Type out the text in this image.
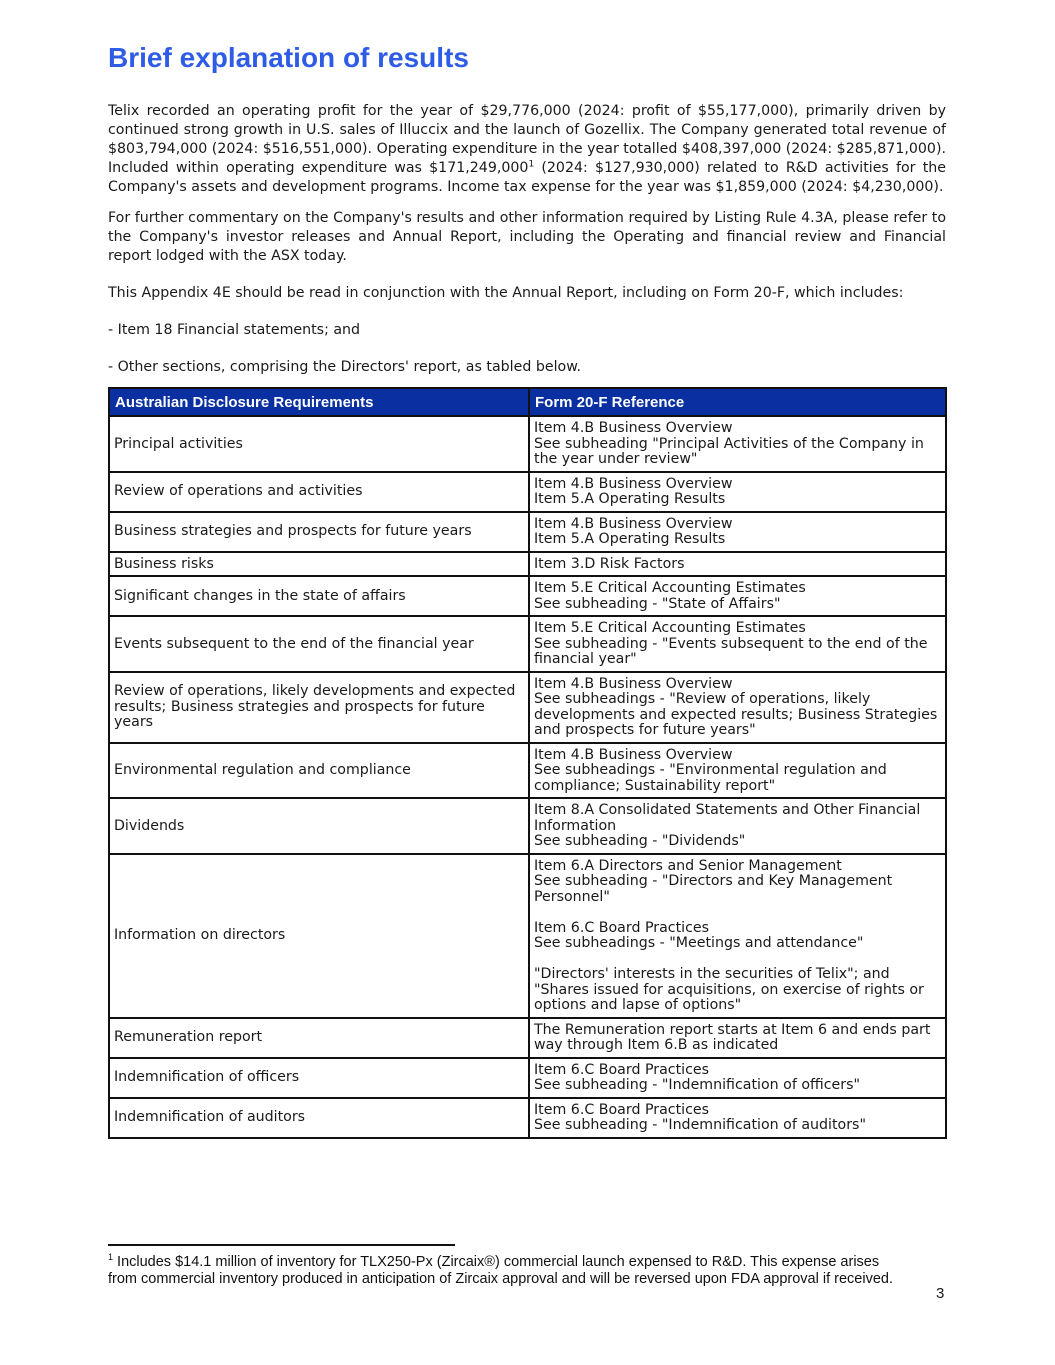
Brief explanation of results

Telix recorded an operating profit for the year of $29,776,000 (2024: profit of $55,177,000), primarily driven by continued strong growth in U.S. sales of Illuccix and the launch of Gozellix. The Company generated total revenue of $803,794,000 (2024: $516,551,000). Operating expenditure in the year totalled $408,397,000 (2024: $285,871,000). Included within operating expenditure was $171,249,000$^1$ (2024: $127,930,000) related to R&D activities for the Company's assets and development programs. Income tax expense for the year was $1,859,000 (2024: $4,230,000).

For further commentary on the Company's results and other information required by Listing Rule 4.3A, please refer to the Company's investor releases and Annual Report, including the Operating and financial review and Financial report lodged with the ASX today.

This Appendix 4E should be read in conjunction with the Annual Report, including on Form 20-F, which includes:

- Item 18 Financial statements; and

- Other sections, comprising the Directors' report, as tabled below.

Australian Disclosure Requirements	Form 20-F Reference
Principal activities	Item 4.B Business Overview
See subheading "Principal Activities of the Company in the year under review"
Review of operations and activities	Item 4.B Business Overview
Item 5.A Operating Results
Business strategies and prospects for future years	Item 4.B Business Overview
Item 5.A Operating Results
Business risks	Item 3.D Risk Factors
Significant changes in the state of affairs	Item 5.E Critical Accounting Estimates
See subheading - "State of Affairs"
Events subsequent to the end of the financial year	Item 5.E Critical Accounting Estimates
See subheading - "Events subsequent to the end of the financial year"
Review of operations, likely developments and expected results; Business strategies and prospects for future years	Item 4.B Business Overview
See subheadings - "Review of operations, likely developments and expected results; Business Strategies and prospects for future years"
Environmental regulation and compliance	Item 4.B Business Overview
See subheadings - "Environmental regulation and compliance; Sustainability report"
Dividends	Item 8.A Consolidated Statements and Other Financial Information
See subheading - "Dividends"
Information on directors	Item 6.A Directors and Senior Management
See subheading - "Directors and Key Management Personnel"

Item 6.C Board Practices
See subheadings - "Meetings and attendance"

"Directors' interests in the securities of Telix"; and "Shares issued for acquisitions, on exercise of rights or options and lapse of options"
Remuneration report	The Remuneration report starts at Item 6 and ends part way through Item 6.B as indicated
Indemnification of officers	Item 6.C Board Practices
See subheading - "Indemnification of officers"
Indemnification of auditors	Item 6.C Board Practices
See subheading - "Indemnification of auditors"
$^1$ Includes $14.1 million of inventory for TLX250-Px (Zircaix®) commercial launch expensed to R&D. This expense arises from commercial inventory produced in anticipation of Zircaix approval and will be reversed upon FDA approval if received.
3
